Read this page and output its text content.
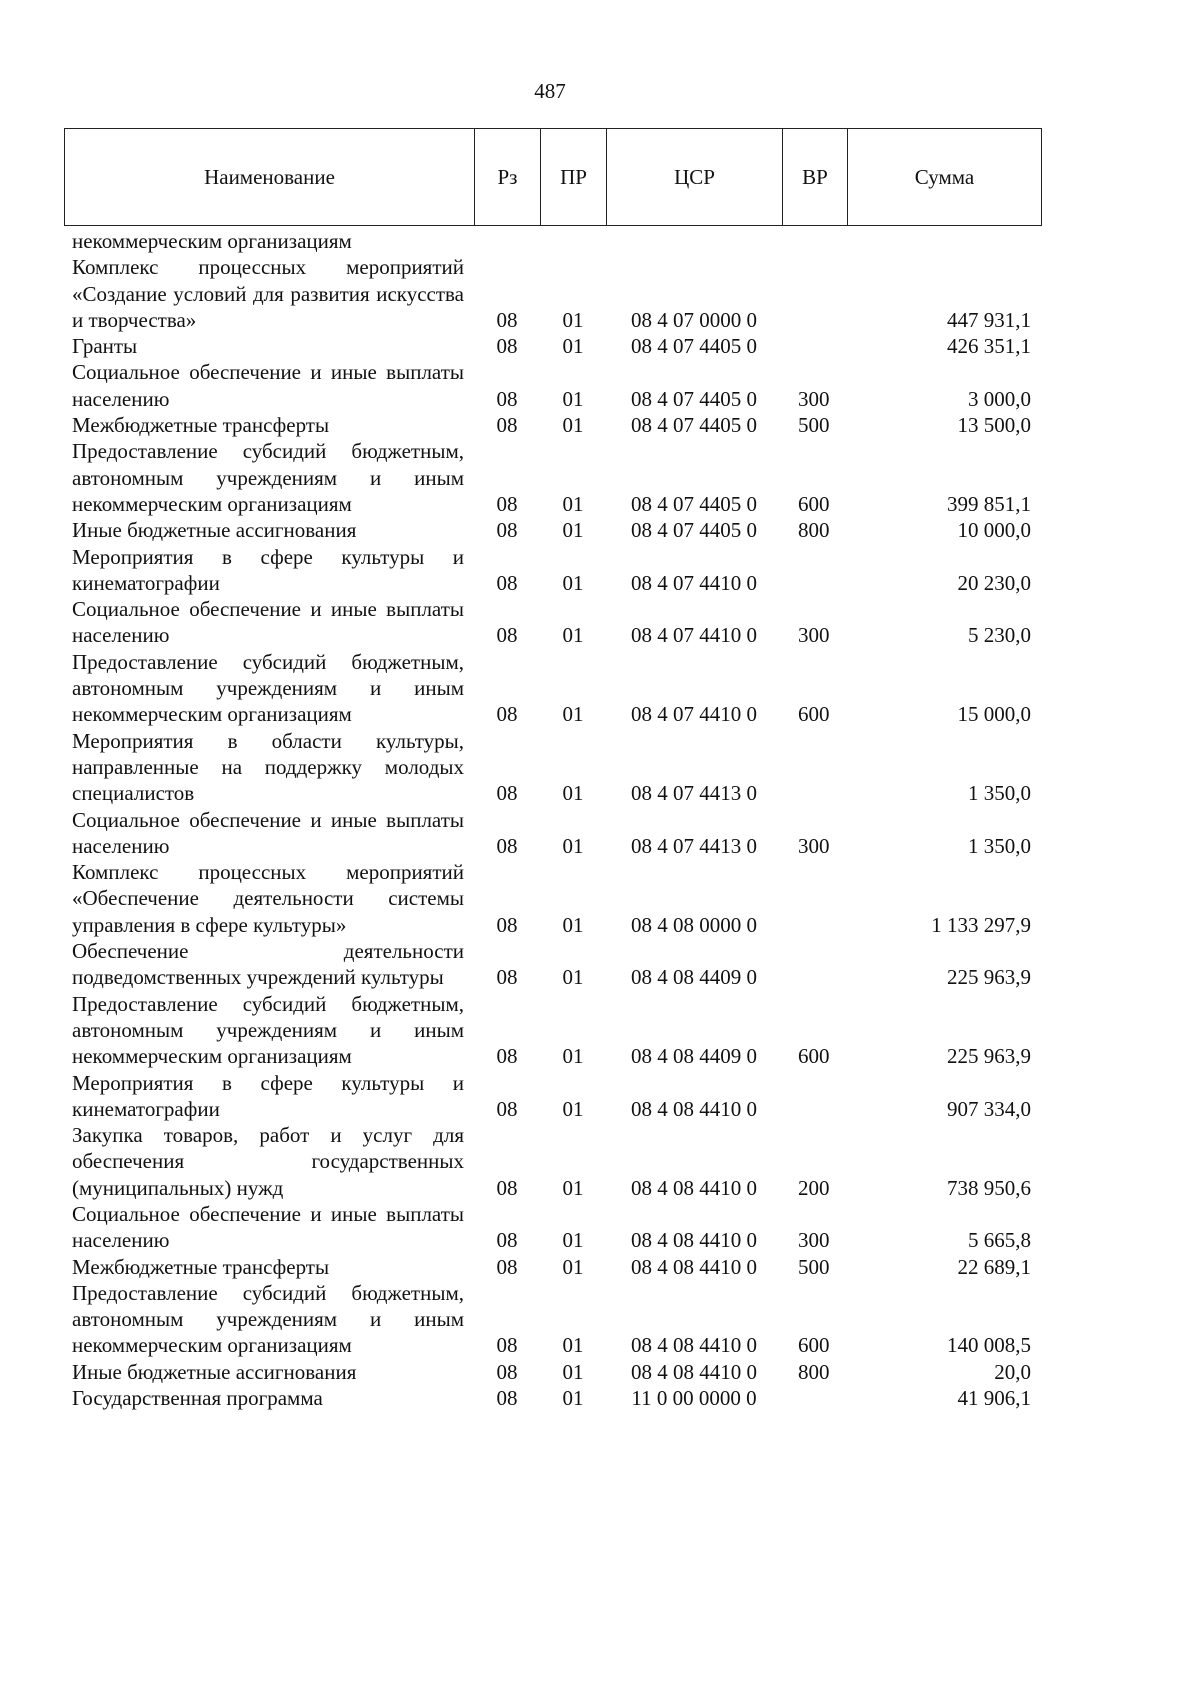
487
Наименование	Рз	ПР	ЦСР	ВР	Сумма
некоммерческим организациям					

Комплекс процессных мероприятий «Создание условий для развития искусства и творчества»	08	01	08 4 07 0000 0		447 931,1

Гранты	08	01	08 4 07 4405 0		426 351,1

Социальное обеспечение и иные выплаты населению	08	01	08 4 07 4405 0	300	3 000,0

Межбюджетные трансферты	08	01	08 4 07 4405 0	500	13 500,0

Предоставление субсидий бюджетным, автономным учреждениям и иным некоммерческим организациям	08	01	08 4 07 4405 0	600	399 851,1

Иные бюджетные ассигнования	08	01	08 4 07 4405 0	800	10 000,0

Мероприятия в сфере культуры и кинематографии	08	01	08 4 07 4410 0		20 230,0

Социальное обеспечение и иные выплаты населению	08	01	08 4 07 4410 0	300	5 230,0

Предоставление субсидий бюджетным, автономным учреждениям и иным некоммерческим организациям	08	01	08 4 07 4410 0	600	15 000,0

Мероприятия в области культуры, направленные на поддержку молодых специалистов	08	01	08 4 07 4413 0		1 350,0

Социальное обеспечение и иные выплаты населению	08	01	08 4 07 4413 0	300	1 350,0

Комплекс процессных мероприятий «Обеспечение деятельности системы управления в сфере культуры»	08	01	08 4 08 0000 0		1 133 297,9

Обеспечение деятельности подведомственных учреждений культуры	08	01	08 4 08 4409 0		225 963,9

Предоставление субсидий бюджетным, автономным учреждениям и иным некоммерческим организациям	08	01	08 4 08 4409 0	600	225 963,9

Мероприятия в сфере культуры и кинематографии	08	01	08 4 08 4410 0		907 334,0

Закупка товаров, работ и услуг для обеспечения государственных (муниципальных) нужд	08	01	08 4 08 4410 0	200	738 950,6

Социальное обеспечение и иные выплаты населению	08	01	08 4 08 4410 0	300	5 665,8

Межбюджетные трансферты	08	01	08 4 08 4410 0	500	22 689,1

Предоставление субсидий бюджетным, автономным учреждениям и иным некоммерческим организациям	08	01	08 4 08 4410 0	600	140 008,5

Иные бюджетные ассигнования	08	01	08 4 08 4410 0	800	20,0

Государственная программа	08	01	11 0 00 0000 0		41 906,1
